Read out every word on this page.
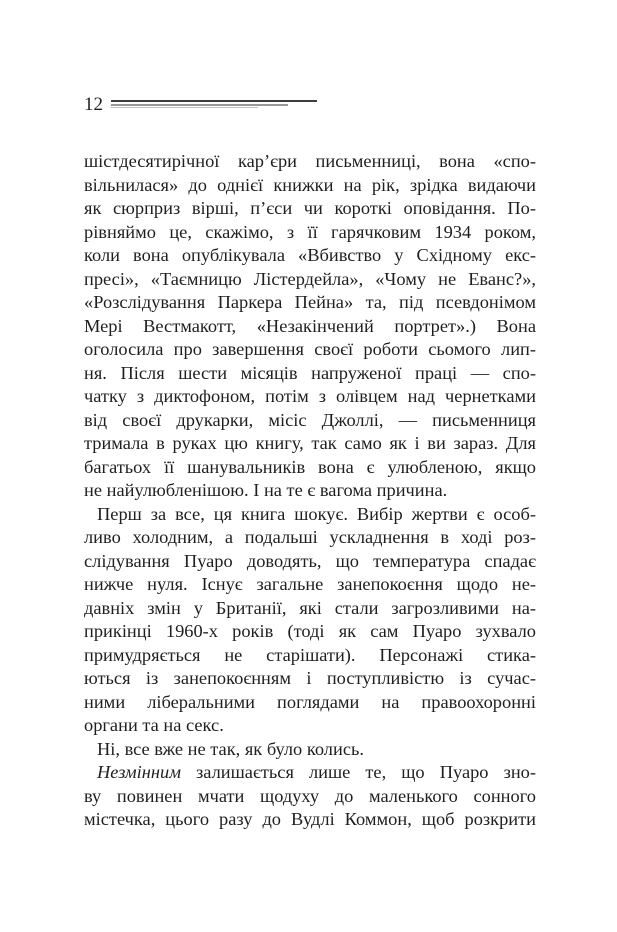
12
шістдесятирічної кар’єри письменниці, вона «спо-
вільнилася» до однієї книжки на рік, зрідка видаючи
як сюрприз вірші, п’єси чи короткі оповідання. По-
рівняймо це, скажімо, з її гарячковим 1934 роком,
коли вона опублікувала «Вбивство у Східному екс-
пресі», «Таємницю Лістердейла», «Чому не Еванс?»,
«Розслідування Паркера Пейна» та, під псевдонімом
Мері Вестмакотт, «Незакінчений портрет».) Вона
оголосила про завершення своєї роботи сьомого лип-
ня. Після шести місяців напруженої праці — спо-
чатку з диктофоном, потім з олівцем над чернетками
від своєї друкарки, місіс Джоллі, — письменниця
тримала в руках цю книгу, так само як і ви зараз. Для
багатьох її шанувальників вона є улюбленою, якщо
не найулюбленішою. І на те є вагома причина.
Перш за все, ця книга шокує. Вибір жертви є особ-
ливо холодним, а подальші ускладнення в ході роз-
слідування Пуаро доводять, що температура спадає
нижче нуля. Існує загальне занепокоєння щодо не-
давніх змін у Британії, які стали загрозливими на-
прикінці 1960-х років (тоді як сам Пуаро зухвало
примудряється не старішати). Персонажі стика-
ються із занепокоєнням і поступливістю із сучас-
ними ліберальними поглядами на правоохоронні
органи та на секс.
Ні, все вже не так, як було колись.
Незмінним залишається лише те, що Пуаро зно-
ву повинен мчати щодуху до маленького сонного
містечка, цього разу до Вудлі Коммон, щоб розкрити
